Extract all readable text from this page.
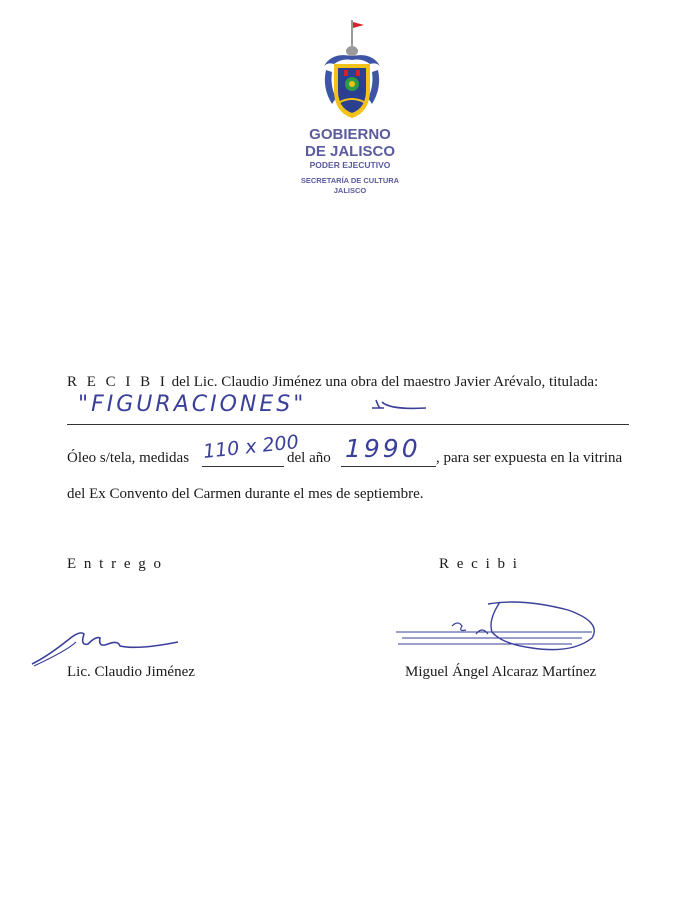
GOBIERNO
DE JALISCO
PODER EJECUTIVO
SECRETARÍA DE CULTURA
JALISCO
R E C I B I del Lic. Claudio Jiménez una obra del maestro Javier Arévalo, titulada:
"FIGURACIONES"
Óleo s/tela, medidas 110 x 200
del año 1990 , para ser expuesta en la vitrina
del Ex Convento del Carmen durante el mes de septiembre.
E n t r e g o	R e c i b i
Lic. Claudio Jiménez	Miguel Ángel Alcaraz Martínez
